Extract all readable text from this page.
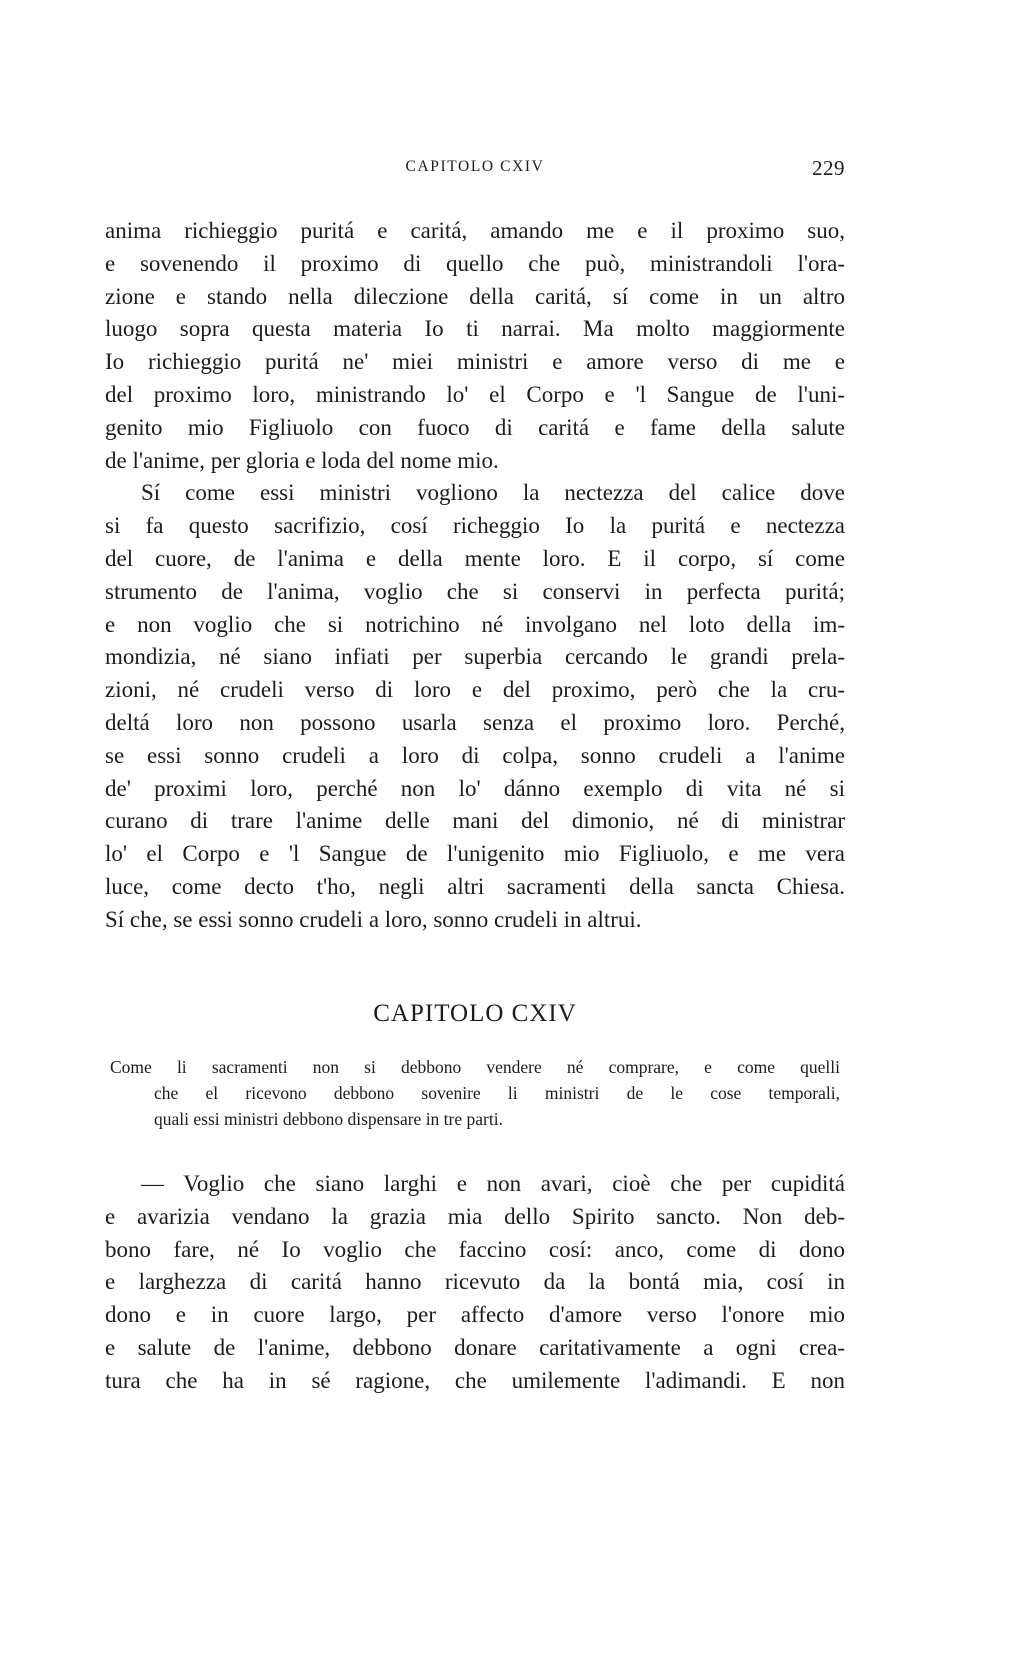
CAPITOLO CXIV	229

anima richieggio puritá e caritá, amando me e il proximo suo,
e sovenendo il proximo di quello che può, ministrandoli l'ora-
zione e stando nella dileczione della caritá, sí come in un altro
luogo sopra questa materia Io ti narrai. Ma molto maggiormente
Io richieggio puritá ne' miei ministri e amore verso di me e
del proximo loro, ministrando lo' el Corpo e 'l Sangue de l'uni-
genito mio Figliuolo con fuoco di caritá e fame della salute
de l'anime, per gloria e loda del nome mio.
Sí come essi ministri vogliono la nectezza del calice dove
si fa questo sacrifizio, cosí richeggio Io la puritá e nectezza
del cuore, de l'anima e della mente loro. E il corpo, sí come
strumento de l'anima, voglio che si conservi in perfecta puritá;
e non voglio che si notrichino né involgano nel loto della im-
mondizia, né siano infiati per superbia cercando le grandi prela-
zioni, né crudeli verso di loro e del proximo, però che la cru-
deltá loro non possono usarla senza el proximo loro. Perché,
se essi sonno crudeli a loro di colpa, sonno crudeli a l'anime
de' proximi loro, perché non lo' dánno exemplo di vita né si
curano di trare l'anime delle mani del dimonio, né di ministrar
lo' el Corpo e 'l Sangue de l'unigenito mio Figliuolo, e me vera
luce, come decto t'ho, negli altri sacramenti della sancta Chiesa.
Sí che, se essi sonno crudeli a loro, sonno crudeli in altrui.

CAPITOLO CXIV
Come li sacramenti non si debbono vendere né comprare, e come quelli
che el ricevono debbono sovenire li ministri de le cose temporali,
quali essi ministri debbono dispensare in tre parti.

— Voglio che siano larghi e non avari, cioè che per cupiditá
e avarizia vendano la grazia mia dello Spirito sancto. Non deb-
bono fare, né Io voglio che faccino cosí: anco, come di dono
e larghezza di caritá hanno ricevuto da la bontá mia, cosí in
dono e in cuore largo, per affecto d'amore verso l'onore mio
e salute de l'anime, debbono donare caritativamente a ogni crea-
tura che ha in sé ragione, che umilemente l'adimandi. E non
